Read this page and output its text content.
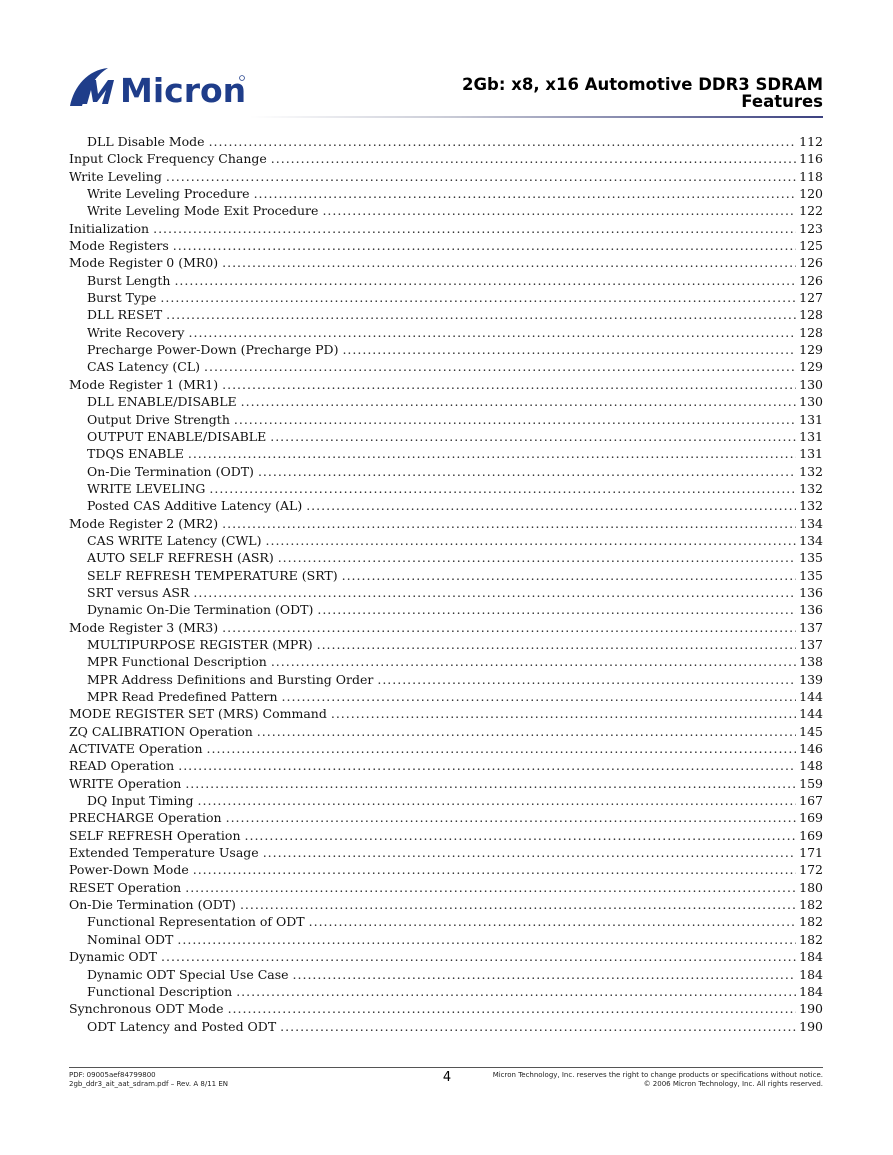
Micron	2Gb: x8, x16 Automotive DDR3 SDRAM
Features
DLL Disable Mode .....	112
Input Clock Frequency Change .....	116
Write Leveling .....	118
Write Leveling Procedure .....	120
Write Leveling Mode Exit Procedure .....	122
Initialization .....	123
Mode Registers .....	125
Mode Register 0 (MR0) .....	126
Burst Length .....	126
Burst Type .....	127
DLL RESET .....	128
Write Recovery .....	128
Precharge Power-Down (Precharge PD) .....	129
CAS Latency (CL) .....	129
Mode Register 1 (MR1) .....	130
DLL ENABLE/DISABLE .....	130
Output Drive Strength .....	131
OUTPUT ENABLE/DISABLE .....	131
TDQS ENABLE .....	131
On-Die Termination (ODT) .....	132
WRITE LEVELING .....	132
Posted CAS Additive Latency (AL) .....	132
Mode Register 2 (MR2) .....	134
CAS WRITE Latency (CWL) .....	134
AUTO SELF REFRESH (ASR) .....	135
SELF REFRESH TEMPERATURE (SRT) .....	135
SRT versus ASR .....	136
Dynamic On-Die Termination (ODT) .....	136
Mode Register 3 (MR3) .....	137
MULTIPURPOSE REGISTER (MPR) .....	137
MPR Functional Description .....	138
MPR Address Definitions and Bursting Order .....	139
MPR Read Predefined Pattern .....	144
MODE REGISTER SET (MRS) Command .....	144
ZQ CALIBRATION Operation .....	145
ACTIVATE Operation .....	146
READ Operation .....	148
WRITE Operation .....	159
DQ Input Timing .....	167
PRECHARGE Operation .....	169
SELF REFRESH Operation .....	169
Extended Temperature Usage .....	171
Power-Down Mode .....	172
RESET Operation .....	180
On-Die Termination (ODT) .....	182
Functional Representation of ODT .....	182
Nominal ODT .....	182
Dynamic ODT .....	184
Dynamic ODT Special Use Case .....	184
Functional Description .....	184
Synchronous ODT Mode .....	190
ODT Latency and Posted ODT .....	190
PDF: 09005aef84799800
2gb_ddr3_ait_aat_sdram.pdf – Rev. A 8/11 EN	4	Micron Technology, Inc. reserves the right to change products or specifications without notice.
© 2006 Micron Technology, Inc. All rights reserved.
